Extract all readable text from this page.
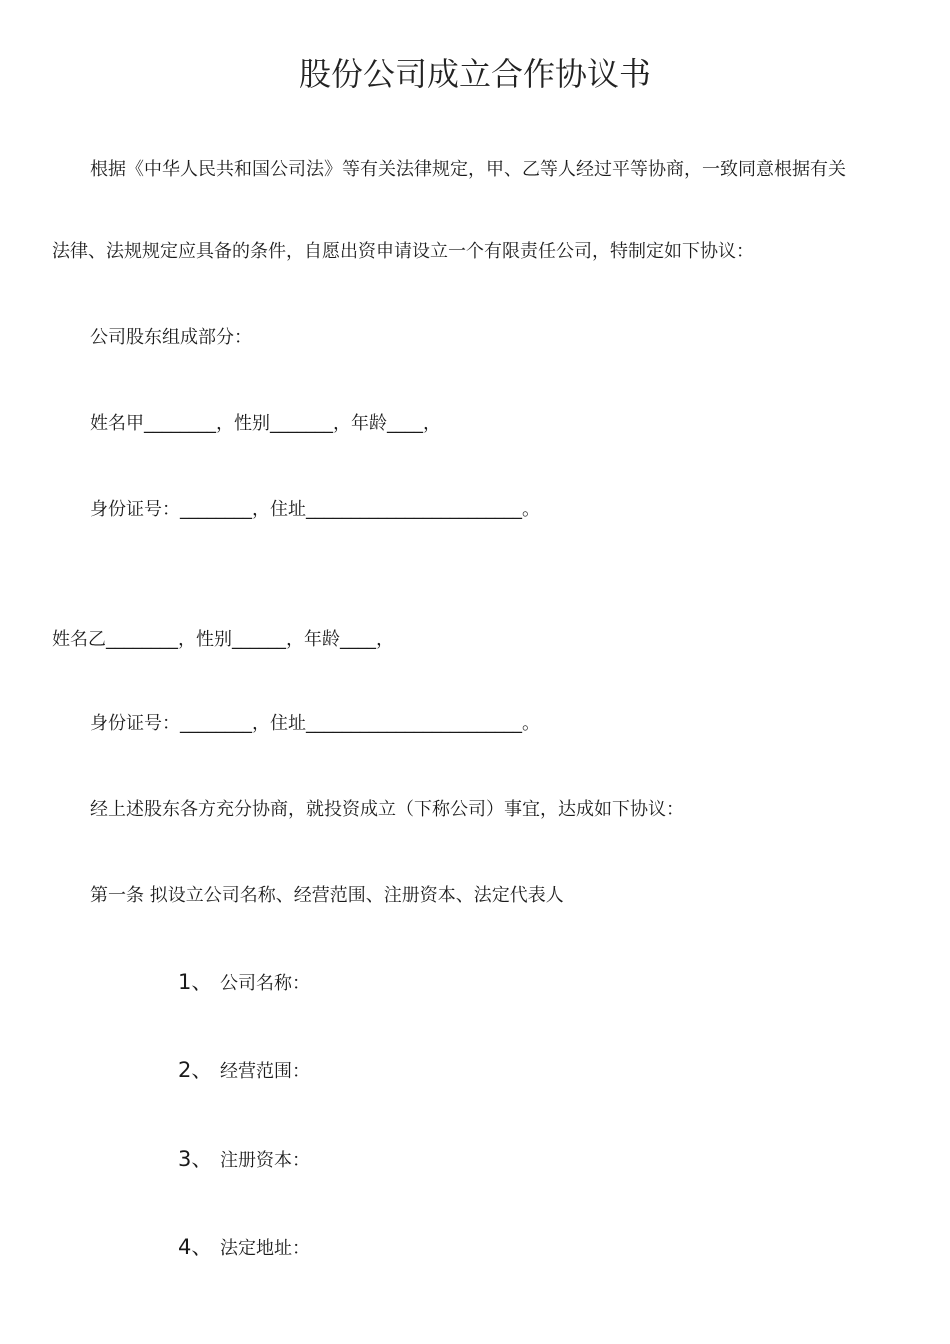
股份公司成立合作协议书
根据《中华人民共和国公司法》等有关法律规定，甲、乙等人经过平等协商，一致同意根据有关
法律、法规规定应具备的条件，自愿出资申请设立一个有限责任公司，特制定如下协议：
公司股东组成部分：
姓名甲________，性别_______，年龄____，
身份证号：________，住址________________________。
姓名乙________，性别______，年龄____，
身份证号：________，住址________________________。
经上述股东各方充分协商，就投资成立（下称公司）事宜，达成如下协议：
第一条 拟设立公司名称、经营范围、注册资本、法定代表人
1、 公司名称：
2、 经营范围：
3、 注册资本：
4、 法定地址：
